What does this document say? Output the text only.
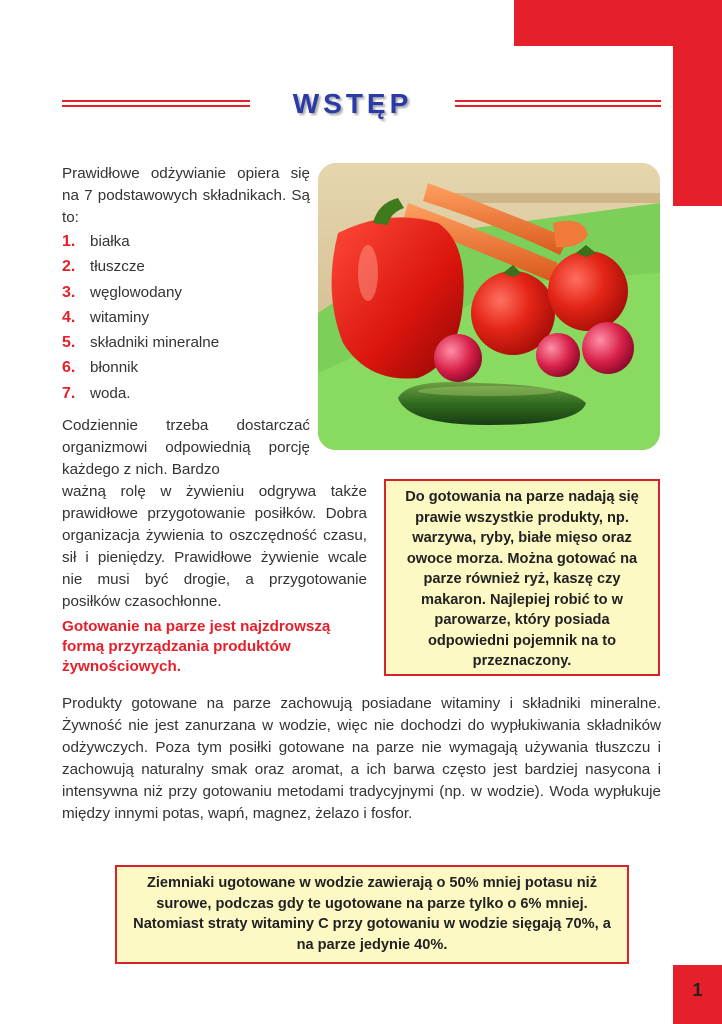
WSTĘP
Prawidłowe odżywianie opiera się na 7 podstawowych składnikach. Są to:
1. białka
2. tłuszcze
3. węglowodany
4. witaminy
5. składniki mineralne
6. błonnik
7. woda.
Codziennie trzeba dostarczać organizmowi odpowiednią porcję każdego z nich. Bardzo
ważną rolę w żywieniu odgrywa także prawidłowe przygotowanie posiłków. Dobra organizacja żywienia to oszczędność czasu, sił i pieniędzy. Prawidłowe żywienie wcale nie musi być drogie, a przygotowanie posiłków czasochłonne.
Do gotowania na parze nadają się prawie wszystkie produkty, np. warzywa, ryby, białe mięso oraz owoce morza. Można gotować na parze również ryż, kaszę czy makaron. Najlepiej robić to w parowarze, który posiada odpowiedni pojemnik na to przeznaczony.
Gotowanie na parze jest najzdrowszą formą przyrządzania produktów żywnościowych.
Produkty gotowane na parze zachowują posiadane witaminy i składniki mineralne. Żywność nie jest zanurzana w wodzie, więc nie dochodzi do wypłukiwania składników odżywczych. Poza tym posiłki gotowane na parze nie wymagają używania tłuszczu i zachowują naturalny smak oraz aromat, a ich barwa często jest bardziej nasycona i intensywna niż przy gotowaniu metodami tradycyjnymi (np. w wodzie). Woda wypłukuje między innymi potas, wapń, magnez, żelazo i fosfor.
Ziemniaki ugotowane w wodzie zawierają o 50% mniej potasu niż surowe, podczas gdy te ugotowane na parze tylko o 6% mniej. Natomiast straty witaminy C przy gotowaniu w wodzie sięgają 70%, a na parze jedynie 40%.
1
